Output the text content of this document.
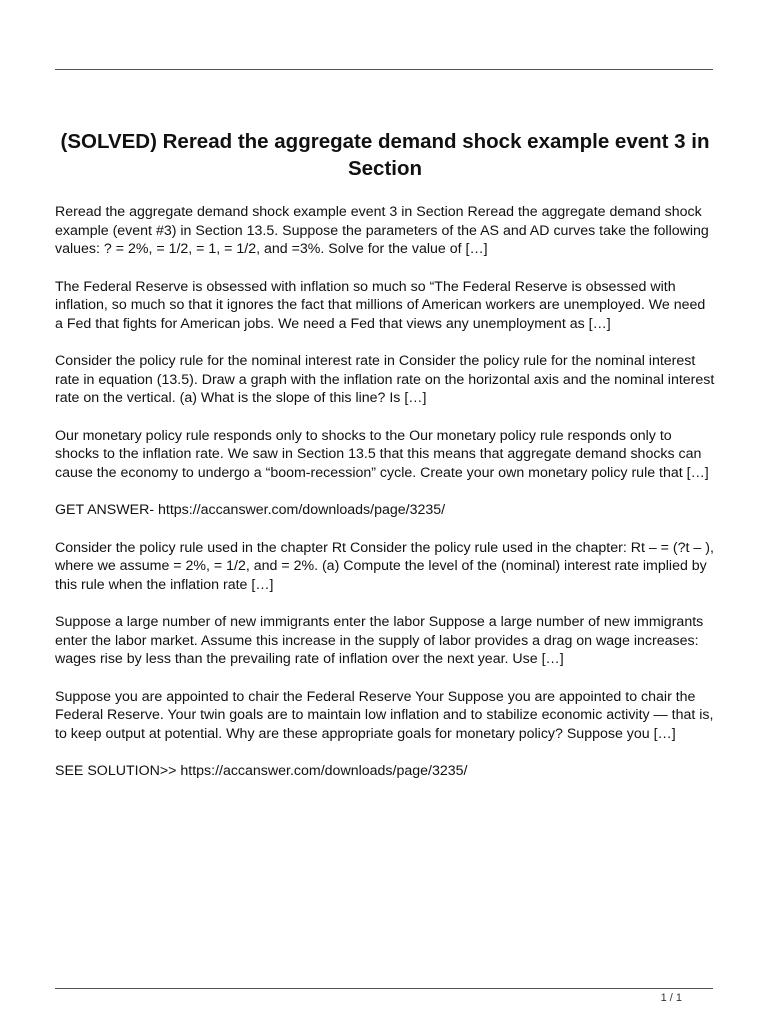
(SOLVED) Reread the aggregate demand shock example event 3 in Section

Reread the aggregate demand shock example event 3 in Section Reread the aggregate demand shock example (event #3) in Section 13.5. Suppose the parameters of the AS and AD curves take the following values: ? = 2%, = 1/2, = 1, = 1/2, and =3%. Solve for the value of […]

The Federal Reserve is obsessed with inflation so much so “The Federal Reserve is obsessed with inflation, so much so that it ignores the fact that millions of American workers are unemployed. We need a Fed that fights for American jobs. We need a Fed that views any unemployment as […]

Consider the policy rule for the nominal interest rate in Consider the policy rule for the nominal interest rate in equation (13.5). Draw a graph with the inflation rate on the horizontal axis and the nominal interest rate on the vertical. (a) What is the slope of this line? Is […]

Our monetary policy rule responds only to shocks to the Our monetary policy rule responds only to shocks to the inflation rate. We saw in Section 13.5 that this means that aggregate demand shocks can cause the economy to undergo a “boom-recession” cycle. Create your own monetary policy rule that […]

GET ANSWER- https://accanswer.com/downloads/page/3235/

Consider the policy rule used in the chapter Rt Consider the policy rule used in the chapter: Rt – = (?t – ), where we assume = 2%, = 1/2, and = 2%. (a) Compute the level of the (nominal) interest rate implied by this rule when the inflation rate […]

Suppose a large number of new immigrants enter the labor Suppose a large number of new immigrants enter the labor market. Assume this increase in the supply of labor provides a drag on wage increases: wages rise by less than the prevailing rate of inflation over the next year. Use […]

Suppose you are appointed to chair the Federal Reserve Your Suppose you are appointed to chair the Federal Reserve. Your twin goals are to maintain low inflation and to stabilize economic activity — that is, to keep output at potential. Why are these appropriate goals for monetary policy? Suppose you […]

SEE SOLUTION>> https://accanswer.com/downloads/page/3235/

1 / 1
